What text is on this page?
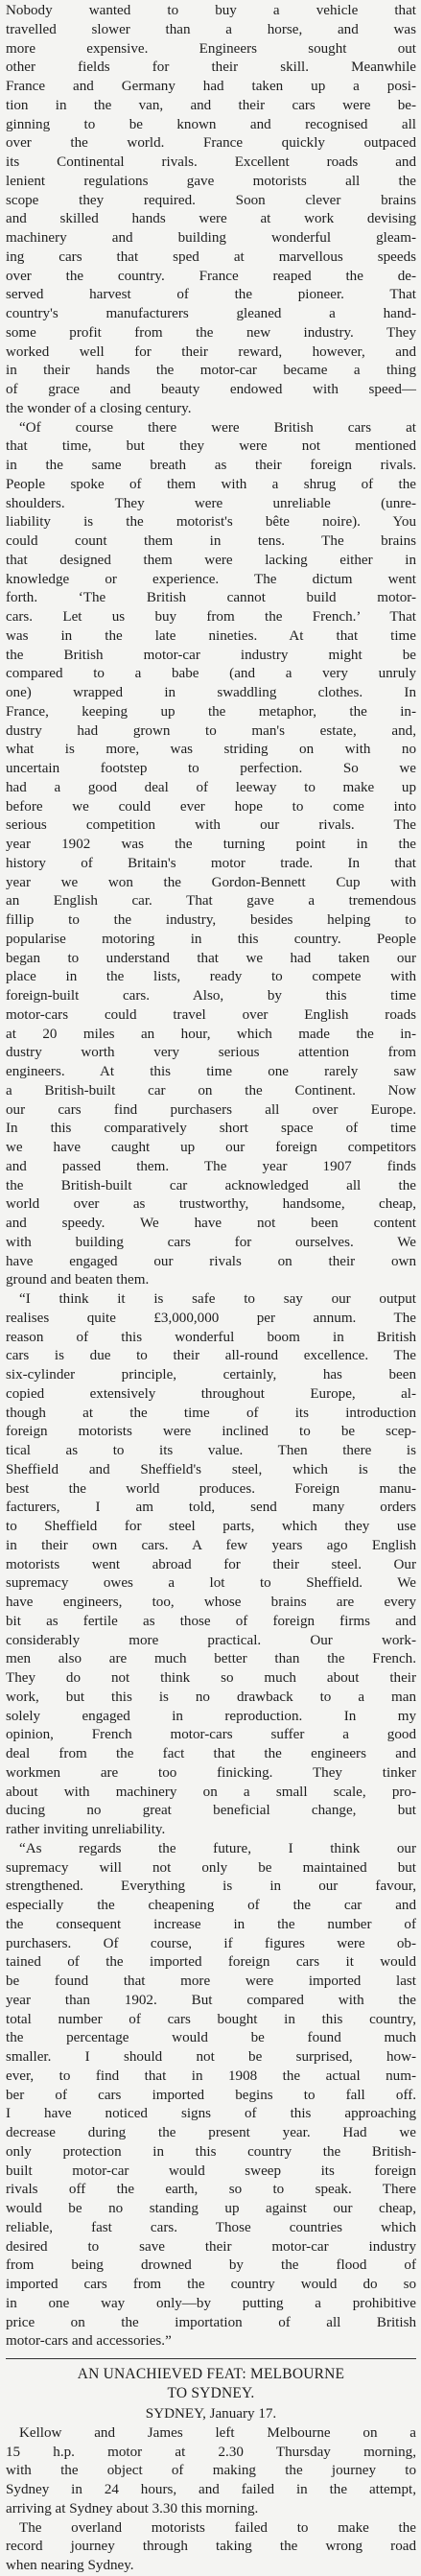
Nobody wanted to buy a vehicle that
travelled slower than a horse, and was
more expensive. Engineers sought out
other fields for their skill. Meanwhile
France and Germany had taken up a posi-
tion in the van, and their cars were be-
ginning to be known and recognised all
over the world. France quickly outpaced
its Continental rivals. Excellent roads and
lenient regulations gave motorists all the
scope they required. Soon clever brains
and skilled hands were at work devising
machinery and building wonderful gleam-
ing cars that sped at marvellous speeds
over the country. France reaped the de-
served harvest of the pioneer. That
country's manufacturers gleaned a hand-
some profit from the new industry. They
worked well for their reward, however, and
in their hands the motor-car became a thing
of grace and beauty endowed with speed—
the wonder of a closing century.

“Of course there were British cars at
that time, but they were not mentioned
in the same breath as their foreign rivals.
People spoke of them with a shrug of the
shoulders. They were unreliable (unre-
liability is the motorist's bête noire). You
could count them in tens. The brains
that designed them were lacking either in
knowledge or experience. The dictum went
forth. ‘The British cannot build motor-
cars. Let us buy from the French.’ That
was in the late nineties. At that time
the British motor-car industry might be
compared to a babe (and a very unruly
one) wrapped in swaddling clothes. In
France, keeping up the metaphor, the in-
dustry had grown to man's estate, and,
what is more, was striding on with no
uncertain footstep to perfection. So we
had a good deal of leeway to make up
before we could ever hope to come into
serious competition with our rivals. The
year 1902 was the turning point in the
history of Britain's motor trade. In that
year we won the Gordon-Bennett Cup with
an English car. That gave a tremendous
fillip to the industry, besides helping to
popularise motoring in this country. People
began to understand that we had taken our
place in the lists, ready to compete with
foreign-built cars. Also, by this time
motor-cars could travel over English roads
at 20 miles an hour, which made the in-
dustry worth very serious attention from
engineers. At this time one rarely saw
a British-built car on the Continent. Now
our cars find purchasers all over Europe.
In this comparatively short space of time
we have caught up our foreign competitors
and passed them. The year 1907 finds
the British-built car acknowledged all the
world over as trustworthy, handsome, cheap,
and speedy. We have not been content
with building cars for ourselves. We
have engaged our rivals on their own
ground and beaten them.

“I think it is safe to say our output
realises quite £3,000,000 per annum. The
reason of this wonderful boom in British
cars is due to their all-round excellence. The
six-cylinder principle, certainly, has been
copied extensively throughout Europe, al-
though at the time of its introduction
foreign motorists were inclined to be scep-
tical as to its value. Then there is
Sheffield and Sheffield's steel, which is the
best the world produces. Foreign manu-
facturers, I am told, send many orders
to Sheffield for steel parts, which they use
in their own cars. A few years ago English
motorists went abroad for their steel. Our
supremacy owes a lot to Sheffield. We
have engineers, too, whose brains are every
bit as fertile as those of foreign firms and
considerably more practical. Our work-
men also are much better than the French.
They do not think so much about their
work, but this is no drawback to a man
solely engaged in reproduction. In my
opinion, French motor-cars suffer a good
deal from the fact that the engineers and
workmen are too finicking. They tinker
about with machinery on a small scale, pro-
ducing no great beneficial change, but
rather inviting unreliability.

“As regards the future, I think our
supremacy will not only be maintained but
strengthened. Everything is in our favour,
especially the cheapening of the car and
the consequent increase in the number of
purchasers. Of course, if figures were ob-
tained of the imported foreign cars it would
be found that more were imported last
year than 1902. But compared with the
total number of cars bought in this country,
the percentage would be found much
smaller. I should not be surprised, how-
ever, to find that in 1908 the actual num-
ber of cars imported begins to fall off.
I have noticed signs of this approaching
decrease during the present year. Had we
only protection in this country the British-
built motor-car would sweep its foreign
rivals off the earth, so to speak. There
would be no standing up against our cheap,
reliable, fast cars. Those countries which
desired to save their motor-car industry
from being drowned by the flood of
imported cars from the country would do so
in one way only—by putting a prohibitive
price on the importation of all British
motor-cars and accessories.”

AN UNACHIEVED FEAT: MELBOURNE
TO SYDNEY.

SYDNEY, January 17.

Kellow and James left Melbourne on a
15 h.p. motor at 2.30 Thursday morning,
with the object of making the journey to
Sydney in 24 hours, and failed in the attempt,
arriving at Sydney about 3.30 this morning.

The overland motorists failed to make the
record journey through taking the wrong road
when nearing Sydney.
